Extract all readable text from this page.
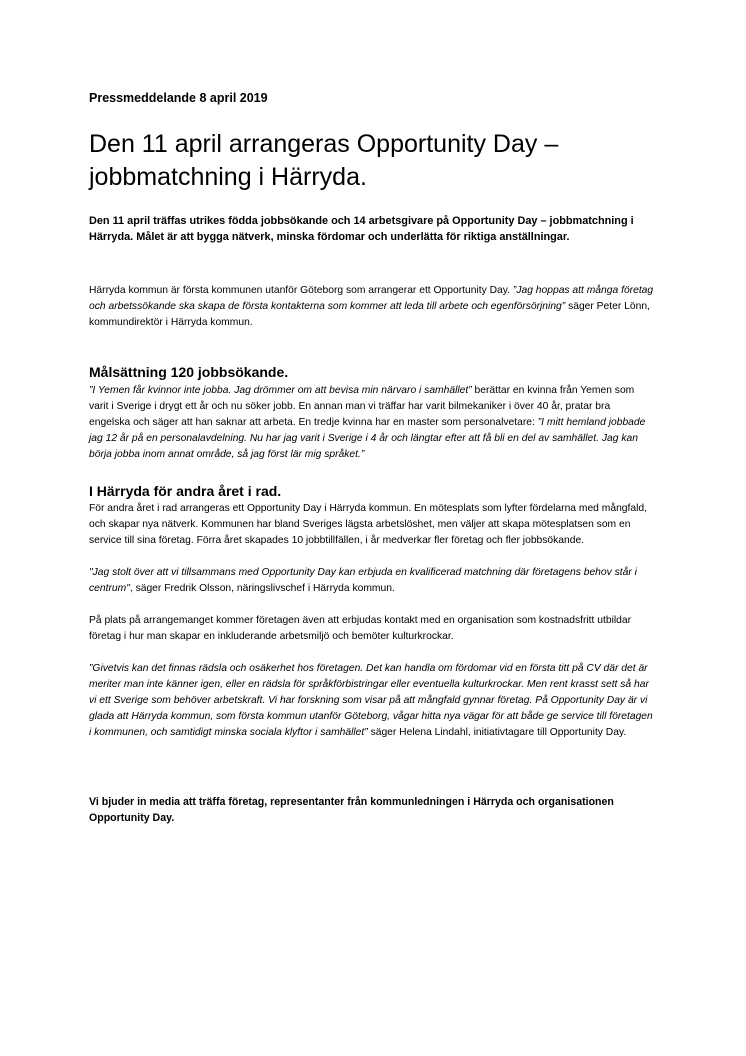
Pressmeddelande 8 april 2019
Den 11 april arrangeras Opportunity Day –
jobbmatchning i Härryda.

Den 11 april träffas utrikes födda jobbsökande och 14 arbetsgivare på Opportunity Day – jobbmatchning i Härryda. Målet är att bygga nätverk, minska fördomar och underlätta för riktiga anställningar.

Härryda kommun är första kommunen utanför Göteborg som arrangerar ett Opportunity Day. ”Jag hoppas att många företag och arbetssökande ska skapa de första kontakterna som kommer att leda till arbete och egenförsörjning” säger Peter Lönn, kommundirektör i Härryda kommun.

Målsättning 120 jobbsökande.

”I Yemen får kvinnor inte jobba. Jag drömmer om att bevisa min närvaro i samhället” berättar en kvinna från Yemen som varit i Sverige i drygt ett år och nu söker jobb. En annan man vi träffar har varit bilmekaniker i över 40 år, pratar bra engelska och säger att han saknar att arbeta. En tredje kvinna har en master som personalvetare: ”I mitt hemland jobbade jag 12 år på en personalavdelning. Nu har jag varit i Sverige i 4 år och längtar efter att få bli en del av samhället. Jag kan börja jobba inom annat område, så jag först lär mig språket.”

I Härryda för andra året i rad.

För andra året i rad arrangeras ett Opportunity Day i Härryda kommun. En mötesplats som lyfter fördelarna med mångfald, och skapar nya nätverk. Kommunen har bland Sveriges lägsta arbetslöshet, men väljer att skapa mötesplatsen som en service till sina företag. Förra året skapades 10 jobbtillfällen, i år medverkar fler företag och fler jobbsökande.

"Jag stolt över att vi tillsammans med Opportunity Day kan erbjuda en kvalificerad matchning där företagens behov står i centrum", säger Fredrik Olsson, näringslivschef i Härryda kommun.

På plats på arrangemanget kommer företagen även att erbjudas kontakt med en organisation som kostnadsfritt utbildar företag i hur man skapar en inkluderande arbetsmiljö och bemöter kulturkrockar.

”Givetvis kan det finnas rädsla och osäkerhet hos företagen. Det kan handla om fördomar vid en första titt på CV där det är meriter man inte känner igen, eller en rädsla för språkförbistringar eller eventuella kulturkrockar. Men rent krasst sett så har vi ett Sverige som behöver arbetskraft. Vi har forskning som visar på att mångfald gynnar företag. På Opportunity Day är vi glada att Härryda kommun, som första kommun utanför Göteborg, vågar hitta nya vägar för att både ge service till företagen i kommunen, och samtidigt minska sociala klyftor i samhället” säger Helena Lindahl, initiativtagare till Opportunity Day.

Vi bjuder in media att träffa företag, representanter från kommunledningen i Härryda och organisationen Opportunity Day.
